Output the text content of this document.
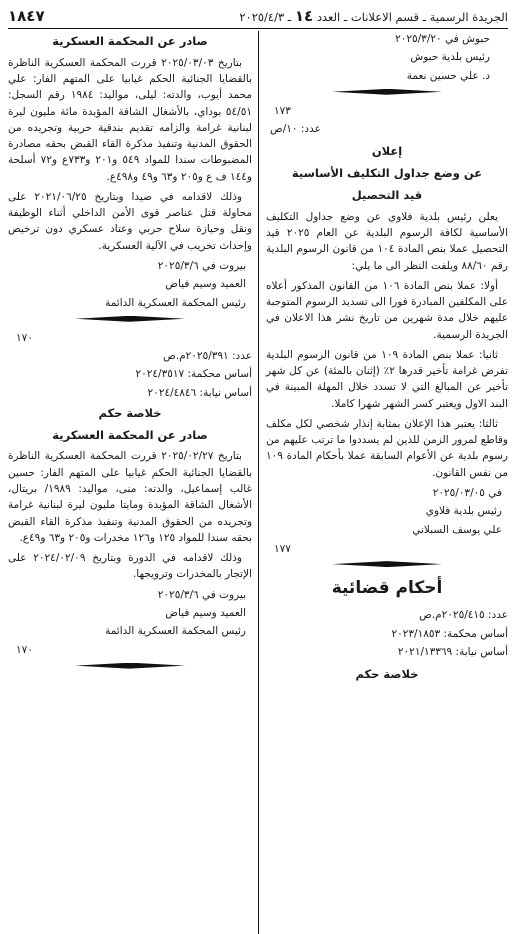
الجريدة الرسمية ـ قسم الاعلانات ـ العدد ١٤ ـ ٢٠٢٥/٤/٣
١٨٤٧
حبوش في ٢٠٢٥/٣/٢٠
رئيس بلدية حبوش
د. علي حسين نعمة
١٧٣
عدد: ١٠/ص
إعلان
عن وضع جداول التكليف الأساسية
قيد التحصيل

يعلن رئيس بلدية فلاوي عن وضع جداول التكليف الأساسية لكافة الرسوم البلدية عن العام ٢٠٢٥ قيد التحصيل عملا بنص المادة ١٠٤ من قانون الرسوم البلدية رقم ٨٨/٦٠ ويلفت النظر الى ما يلي:

أولا: عملا بنص المادة ١٠٦ من القانون المذكور أعلاه على المكلفين المبادرة فورا الى تسديد الرسوم المتوجبة عليهم خلال مدة شهرين من تاريخ نشر هذا الاعلان في الجريدة الرسمية.

ثانيا: عملا بنص المادة ١٠٩ من قانون الرسوم البلدية تفرض غرامة تأخير قدرها ٢٪ (إثنان بالمئة) عن كل شهر تأخير عن المبالغ التي لا تسدد خلال المهلة المبينة في البند الاول ويعتبر كسر الشهر شهرا كاملا.

ثالثا: يعتبر هذا الإعلان بمثابة إنذار شخصي لكل مكلف وقاطع لمرور الزمن للذين لم يسددوا ما ترتب عليهم من رسوم بلدية عن الأعوام السابقة عملا بأحكام المادة ١٠٩ من نفس القانون.

في ٢٠٢٥/٠٣/٠٥
رئيس بلدية فلاوي
علي يوسف السبلاني
١٧٧
أحكام قضائية
عدد: ٢٠٢٥/٤١٥م.ص
أساس محكمة: ٢٠٢٣/١٨٥٣
أساس نيابة: ٢٠٢١/١٣٣٦٩
خلاصة حكم
صادر عن المحكمة العسكرية

بتاريخ ٢٠٢٥/٠٣/٠٣ قررت المحكمة العسكرية الناظرة بالقضايا الجنائية الحكم غيابيا على المتهم الفار: علي محمد أيوب، والدته: ليلى، مواليد: ١٩٨٤ رقم السجل: ٥٤/٥١ بوداي، بالأشغال الشاقة المؤبدة مائة مليون ليرة لبنانية غرامة والزامه تقديم بندقية حربية وتجريده من الحقوق المدنية وتنفيذ مذكرة القاء القبض بحقه مصادرة المضبوطات سندا للمواد ٥٤٩ و٢٠١ و٧٣٣ع و٧٢ أسلحة و١٤٤ ف ع و٢٠٥ و٦٣ و٤٩ و٤٩٨ع.

وذلك لاقدامه في صيدا وبتاريخ ٢٠٢١/٠٦/٢٥ على محاولة قتل عناصر قوى الأمن الداخلي أثناء الوظيفة ونقل وحيازة سلاح حربي وعتاد عسكري دون ترخيص وإحداث تخريب في الآلية العسكرية.

بيروت في ٢٠٢٥/٣/٦
العميد وسيم فياض
رئيس المحكمة العسكرية الدائمة
١٧٠
عدد: ٢٠٢٥/٣٩١م.ص
أساس محكمة: ٢٠٢٤/٣٥١٧
أساس نيابة: ٢٠٢٤/٤٨٤٦
خلاصة حكم
صادر عن المحكمة العسكرية

بتاريخ ٢٠٢٥/٠٢/٢٧ قررت المحكمة العسكرية الناظرة بالقضايا الجنائية الحكم غيابيا على المتهم الفار: حسين غالب إسماعيل، والدته: منى، مواليد: ١٩٨٩/ بريتال، الأشغال الشاقة المؤبدة ومايتا مليون ليرة لبنانية غرامة وتجريده من الحقوق المدنية وتنفيذ مذكرة القاء القبض بحقه سندا للمواد ١٢٥ و١٢٦ مخدرات و٢٠٥ و٦٣ و٤٩ع.

وذلك لاقدامه في الدورة وبتاريخ ٢٠٢٤/٠٢/٠٩ على الإتجار بالمخدرات وترويجها.

بيروت في ٢٠٢٥/٣/٦
العميد وسيم فياض
رئيس المحكمة العسكرية الدائمة
١٧٠
